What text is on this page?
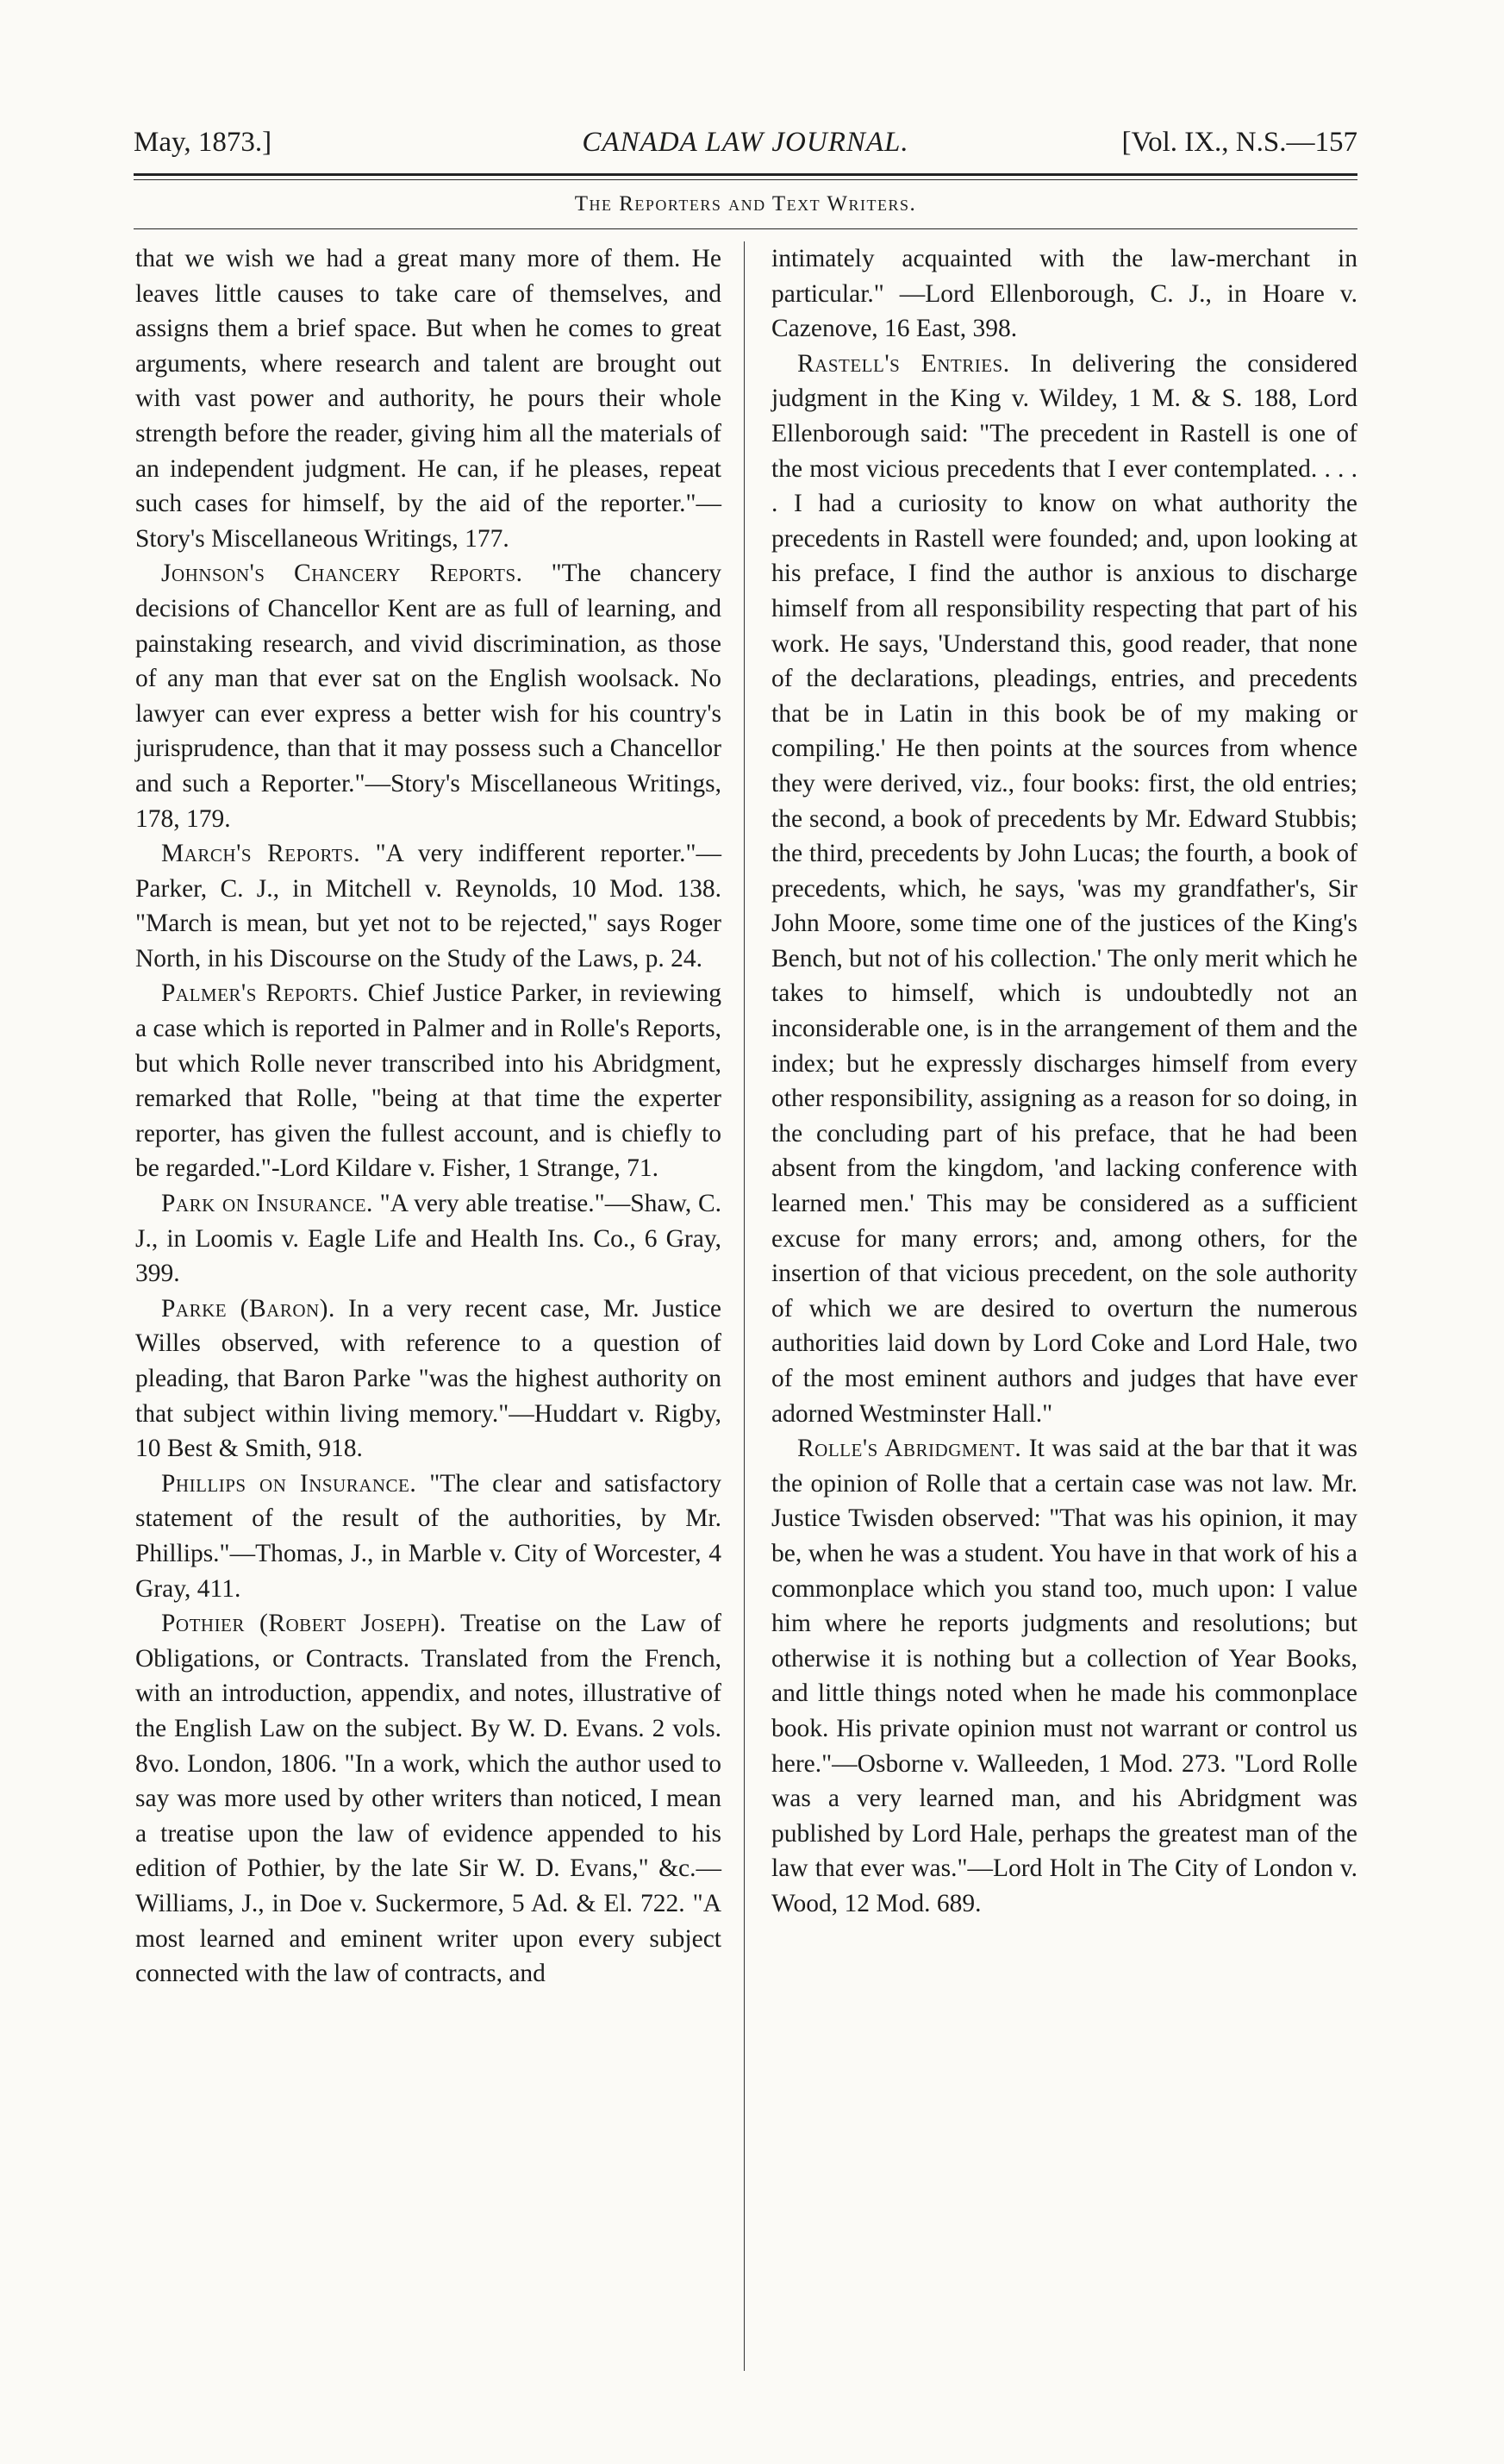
May, 1873.]	CANADA LAW JOURNAL.	[Vol. IX., N.S.—157
The Reporters and Text Writers.

that we wish we had a great many more of them. He leaves little causes to take care of themselves, and assigns them a brief space. But when he comes to great arguments, where research and talent are brought out with vast power and authority, he pours their whole strength before the reader, giving him all the materials of an independent judgment. He can, if he pleases, repeat such cases for himself, by the aid of the reporter."—Story's Miscellaneous Writings, 177.

Johnson's Chancery Reports. "The chancery decisions of Chancellor Kent are as full of learning, and painstaking research, and vivid discrimination, as those of any man that ever sat on the English woolsack. No lawyer can ever express a better wish for his country's jurisprudence, than that it may possess such a Chancellor and such a Reporter."—Story's Miscellaneous Writings, 178, 179.

March's Reports. "A very indifferent reporter."—Parker, C. J., in Mitchell v. Reynolds, 10 Mod. 138. "March is mean, but yet not to be rejected," says Roger North, in his Discourse on the Study of the Laws, p. 24.

Palmer's Reports. Chief Justice Parker, in reviewing a case which is reported in Palmer and in Rolle's Reports, but which Rolle never transcribed into his Abridgment, remarked that Rolle, "being at that time the experter reporter, has given the fullest account, and is chiefly to be regarded."-Lord Kildare v. Fisher, 1 Strange, 71.

Park on Insurance. "A very able treatise."—Shaw, C. J., in Loomis v. Eagle Life and Health Ins. Co., 6 Gray, 399.

Parke (Baron). In a very recent case, Mr. Justice Willes observed, with reference to a question of pleading, that Baron Parke "was the highest authority on that subject within living memory."—Huddart v. Rigby, 10 Best & Smith, 918.

Phillips on Insurance. "The clear and satisfactory statement of the result of the authorities, by Mr. Phillips."—Thomas, J., in Marble v. City of Worcester, 4 Gray, 411.

Pothier (Robert Joseph). Treatise on the Law of Obligations, or Contracts. Translated from the French, with an introduction, appendix, and notes, illustrative of the English Law on the subject. By W. D. Evans. 2 vols. 8vo. London, 1806. "In a work, which the author used to say was more used by other writers than noticed, I mean a treatise upon the law of evidence appended to his edition of Pothier, by the late Sir W. D. Evans," &c.—Williams, J., in Doe v. Suckermore, 5 Ad. & El. 722. "A most learned and eminent writer upon every subject connected with the law of contracts, and

intimately acquainted with the law-merchant in particular." —Lord Ellenborough, C. J., in Hoare v. Cazenove, 16 East, 398.

Rastell's Entries. In delivering the considered judgment in the King v. Wildey, 1 M. & S. 188, Lord Ellenborough said: "The precedent in Rastell is one of the most vicious precedents that I ever contemplated. . . . . I had a curiosity to know on what authority the precedents in Rastell were founded; and, upon looking at his preface, I find the author is anxious to discharge himself from all responsibility respecting that part of his work. He says, 'Understand this, good reader, that none of the declarations, pleadings, entries, and precedents that be in Latin in this book be of my making or compiling.' He then points at the sources from whence they were derived, viz., four books: first, the old entries; the second, a book of precedents by Mr. Edward Stubbis; the third, precedents by John Lucas; the fourth, a book of precedents, which, he says, 'was my grandfather's, Sir John Moore, some time one of the justices of the King's Bench, but not of his collection.' The only merit which he takes to himself, which is undoubtedly not an inconsiderable one, is in the arrangement of them and the index; but he expressly discharges himself from every other responsibility, assigning as a reason for so doing, in the concluding part of his preface, that he had been absent from the kingdom, 'and lacking conference with learned men.' This may be considered as a sufficient excuse for many errors; and, among others, for the insertion of that vicious precedent, on the sole authority of which we are desired to overturn the numerous authorities laid down by Lord Coke and Lord Hale, two of the most eminent authors and judges that have ever adorned Westminster Hall."

Rolle's Abridgment. It was said at the bar that it was the opinion of Rolle that a certain case was not law. Mr. Justice Twisden observed: "That was his opinion, it may be, when he was a student. You have in that work of his a commonplace which you stand too, much upon: I value him where he reports judgments and resolutions; but otherwise it is nothing but a collection of Year Books, and little things noted when he made his commonplace book. His private opinion must not warrant or control us here."—Osborne v. Walleeden, 1 Mod. 273. "Lord Rolle was a very learned man, and his Abridgment was published by Lord Hale, perhaps the greatest man of the law that ever was."—Lord Holt in The City of London v. Wood, 12 Mod. 689.
